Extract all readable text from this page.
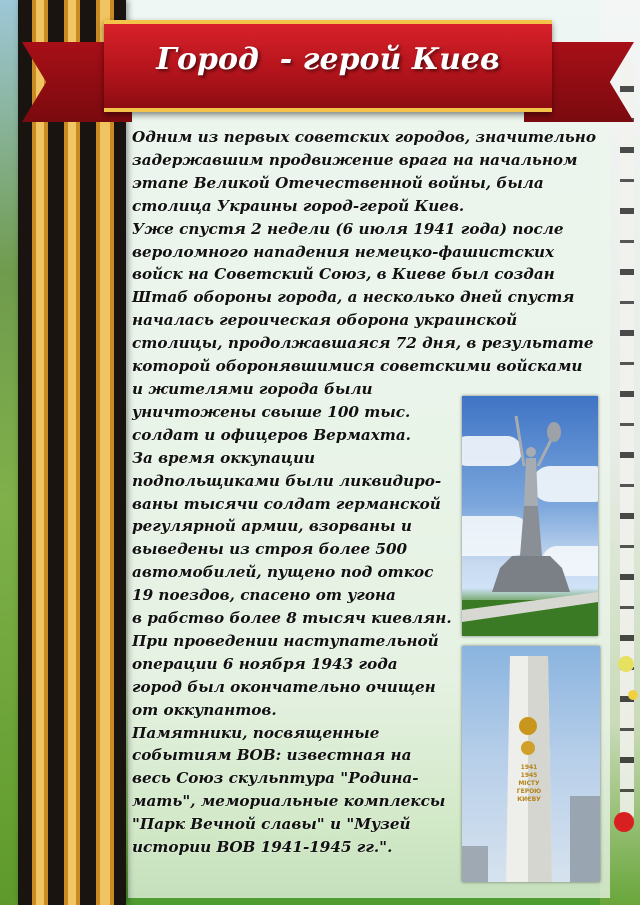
Город  - герой Киев
Одним из первых советских городов, значительно
задержавшим продвижение врага на начальном
этапе Великой Отечественной войны, была
столица Украины город-герой Киев.
Уже спустя 2 недели (6 июля 1941 года) после
вероломного нападения немецко-фашистских
войск на Советский Союз, в Киеве был создан
Штаб обороны города, а несколько дней спустя
началась героическая оборона украинской
столицы, продолжавшаяся 72 дня, в результате
которой оборонявшимися советскими войсками
и жителями города были
уничтожены свыше 100 тыс.
солдат и офицеров Вермахта.
За время оккупации
подпольщиками были ликвидиро-
ваны тысячи солдат германской
регулярной армии, взорваны и
выведены из строя более 500
автомобилей, пущено под откос
19 поездов, спасено от угона
в рабство более 8 тысяч киевлян.
При проведении наступательной
операции 6 ноября 1943 года
город был окончательно очищен
от оккупантов.
Памятники, посвященные
событиям ВОВ: известная на
весь Союз скульптура "Родина-
мать", мемориальные комплексы
"Парк Вечной славы" и "Музей
истории ВОВ 1941-1945 гг.".
1941
1945
МІСТУ
ГЕРОЮ
КИЄВУ
